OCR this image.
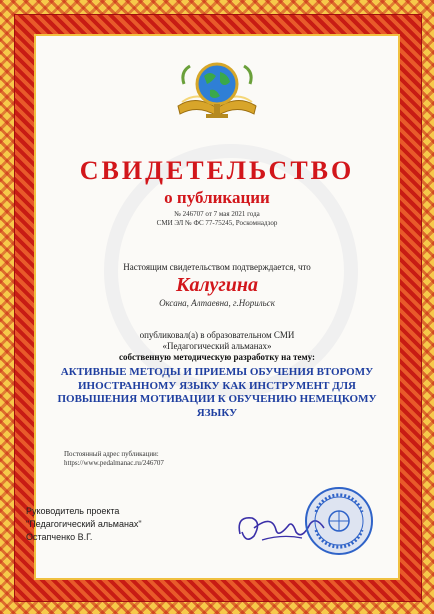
СВИДЕТЕЛЬСТВО

о публикации

№ 246707 от 7 мая 2021 года

СМИ ЭЛ № ФС 77-75245, Роскомнадзор

Настоящим свидетельством подтверждается, что

Калугина

Оксана, Алтаевна, г.Норильск

опубликовал(а) в образовательном СМИ

«Педагогический альманах»

собственную методическую разработку на тему:

АКТИВНЫЕ МЕТОДЫ И ПРИЕМЫ ОБУЧЕНИЯ ВТОРОМУ ИНОСТРАННОМУ ЯЗЫКУ КАК ИНСТРУМЕНТ ДЛЯ ПОВЫШЕНИЯ МОТИВАЦИИ К ОБУЧЕНИЮ НЕМЕЦКОМУ ЯЗЫКУ

Постоянный адрес публикации:
https://www.pedalmanac.ru/246707
Руководитель проекта
"Педагогический альманах"
Остапченко В.Г.
